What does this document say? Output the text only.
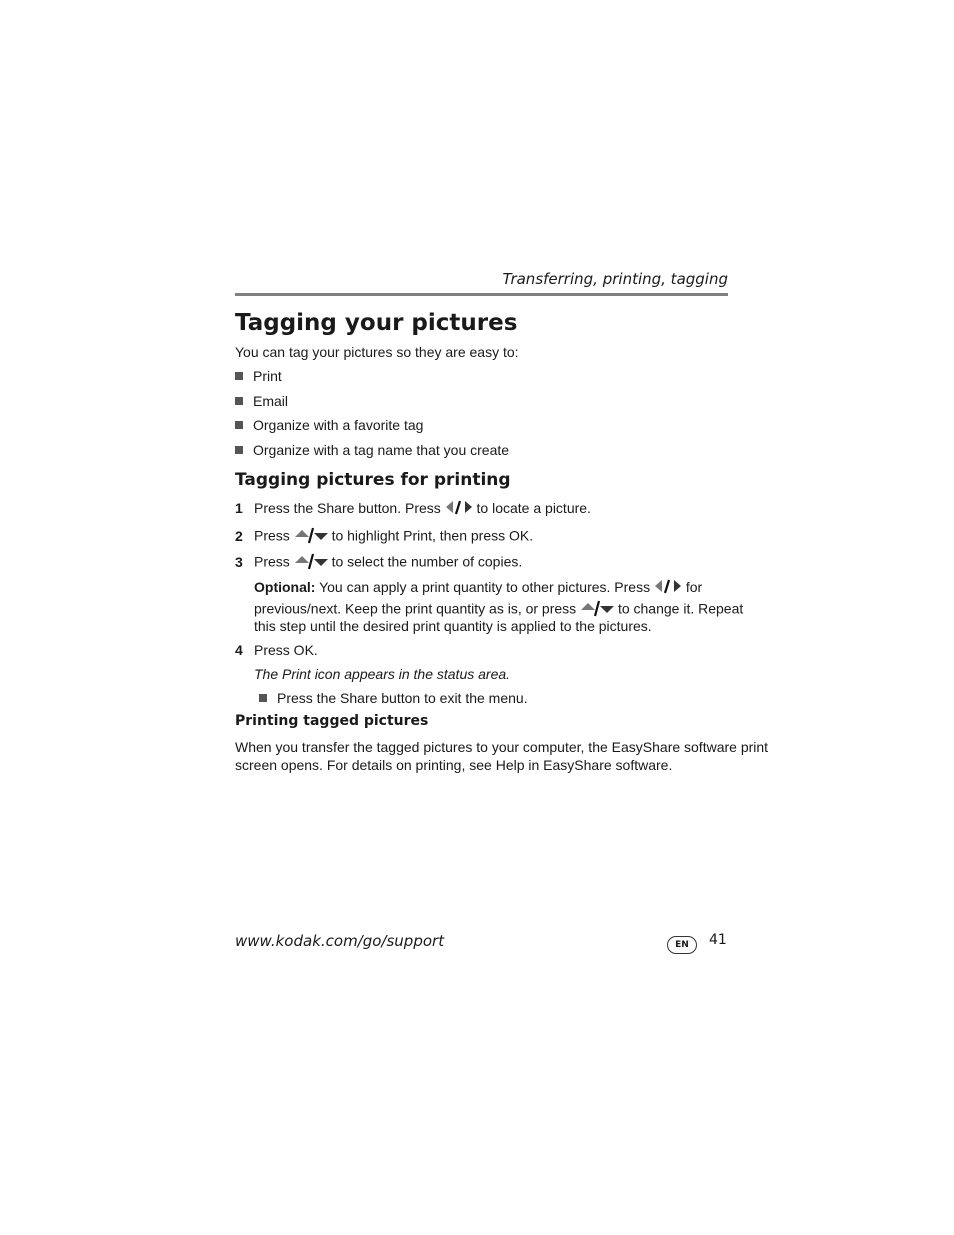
Transferring, printing, tagging
Tagging your pictures
You can tag your pictures so they are easy to:
Print
Email
Organize with a favorite tag
Organize with a tag name that you create
Tagging pictures for printing
1 Press the Share button. Press	to locate a picture.
2 Press	to highlight Print, then press OK.
3 Press	to select the number of copies.
Optional: You can apply a print quantity to other pictures. Press	for
previous/next. Keep the print quantity as is, or press	to change it. Repeat
this step until the desired print quantity is applied to the pictures.
4 Press OK.
The Print icon appears in the status area.
Press the Share button to exit the menu.
Printing tagged pictures
When you transfer the tagged pictures to your computer, the EasyShare software print
screen opens. For details on printing, see Help in EasyShare software.
www.kodak.com/go/support	EN	41
